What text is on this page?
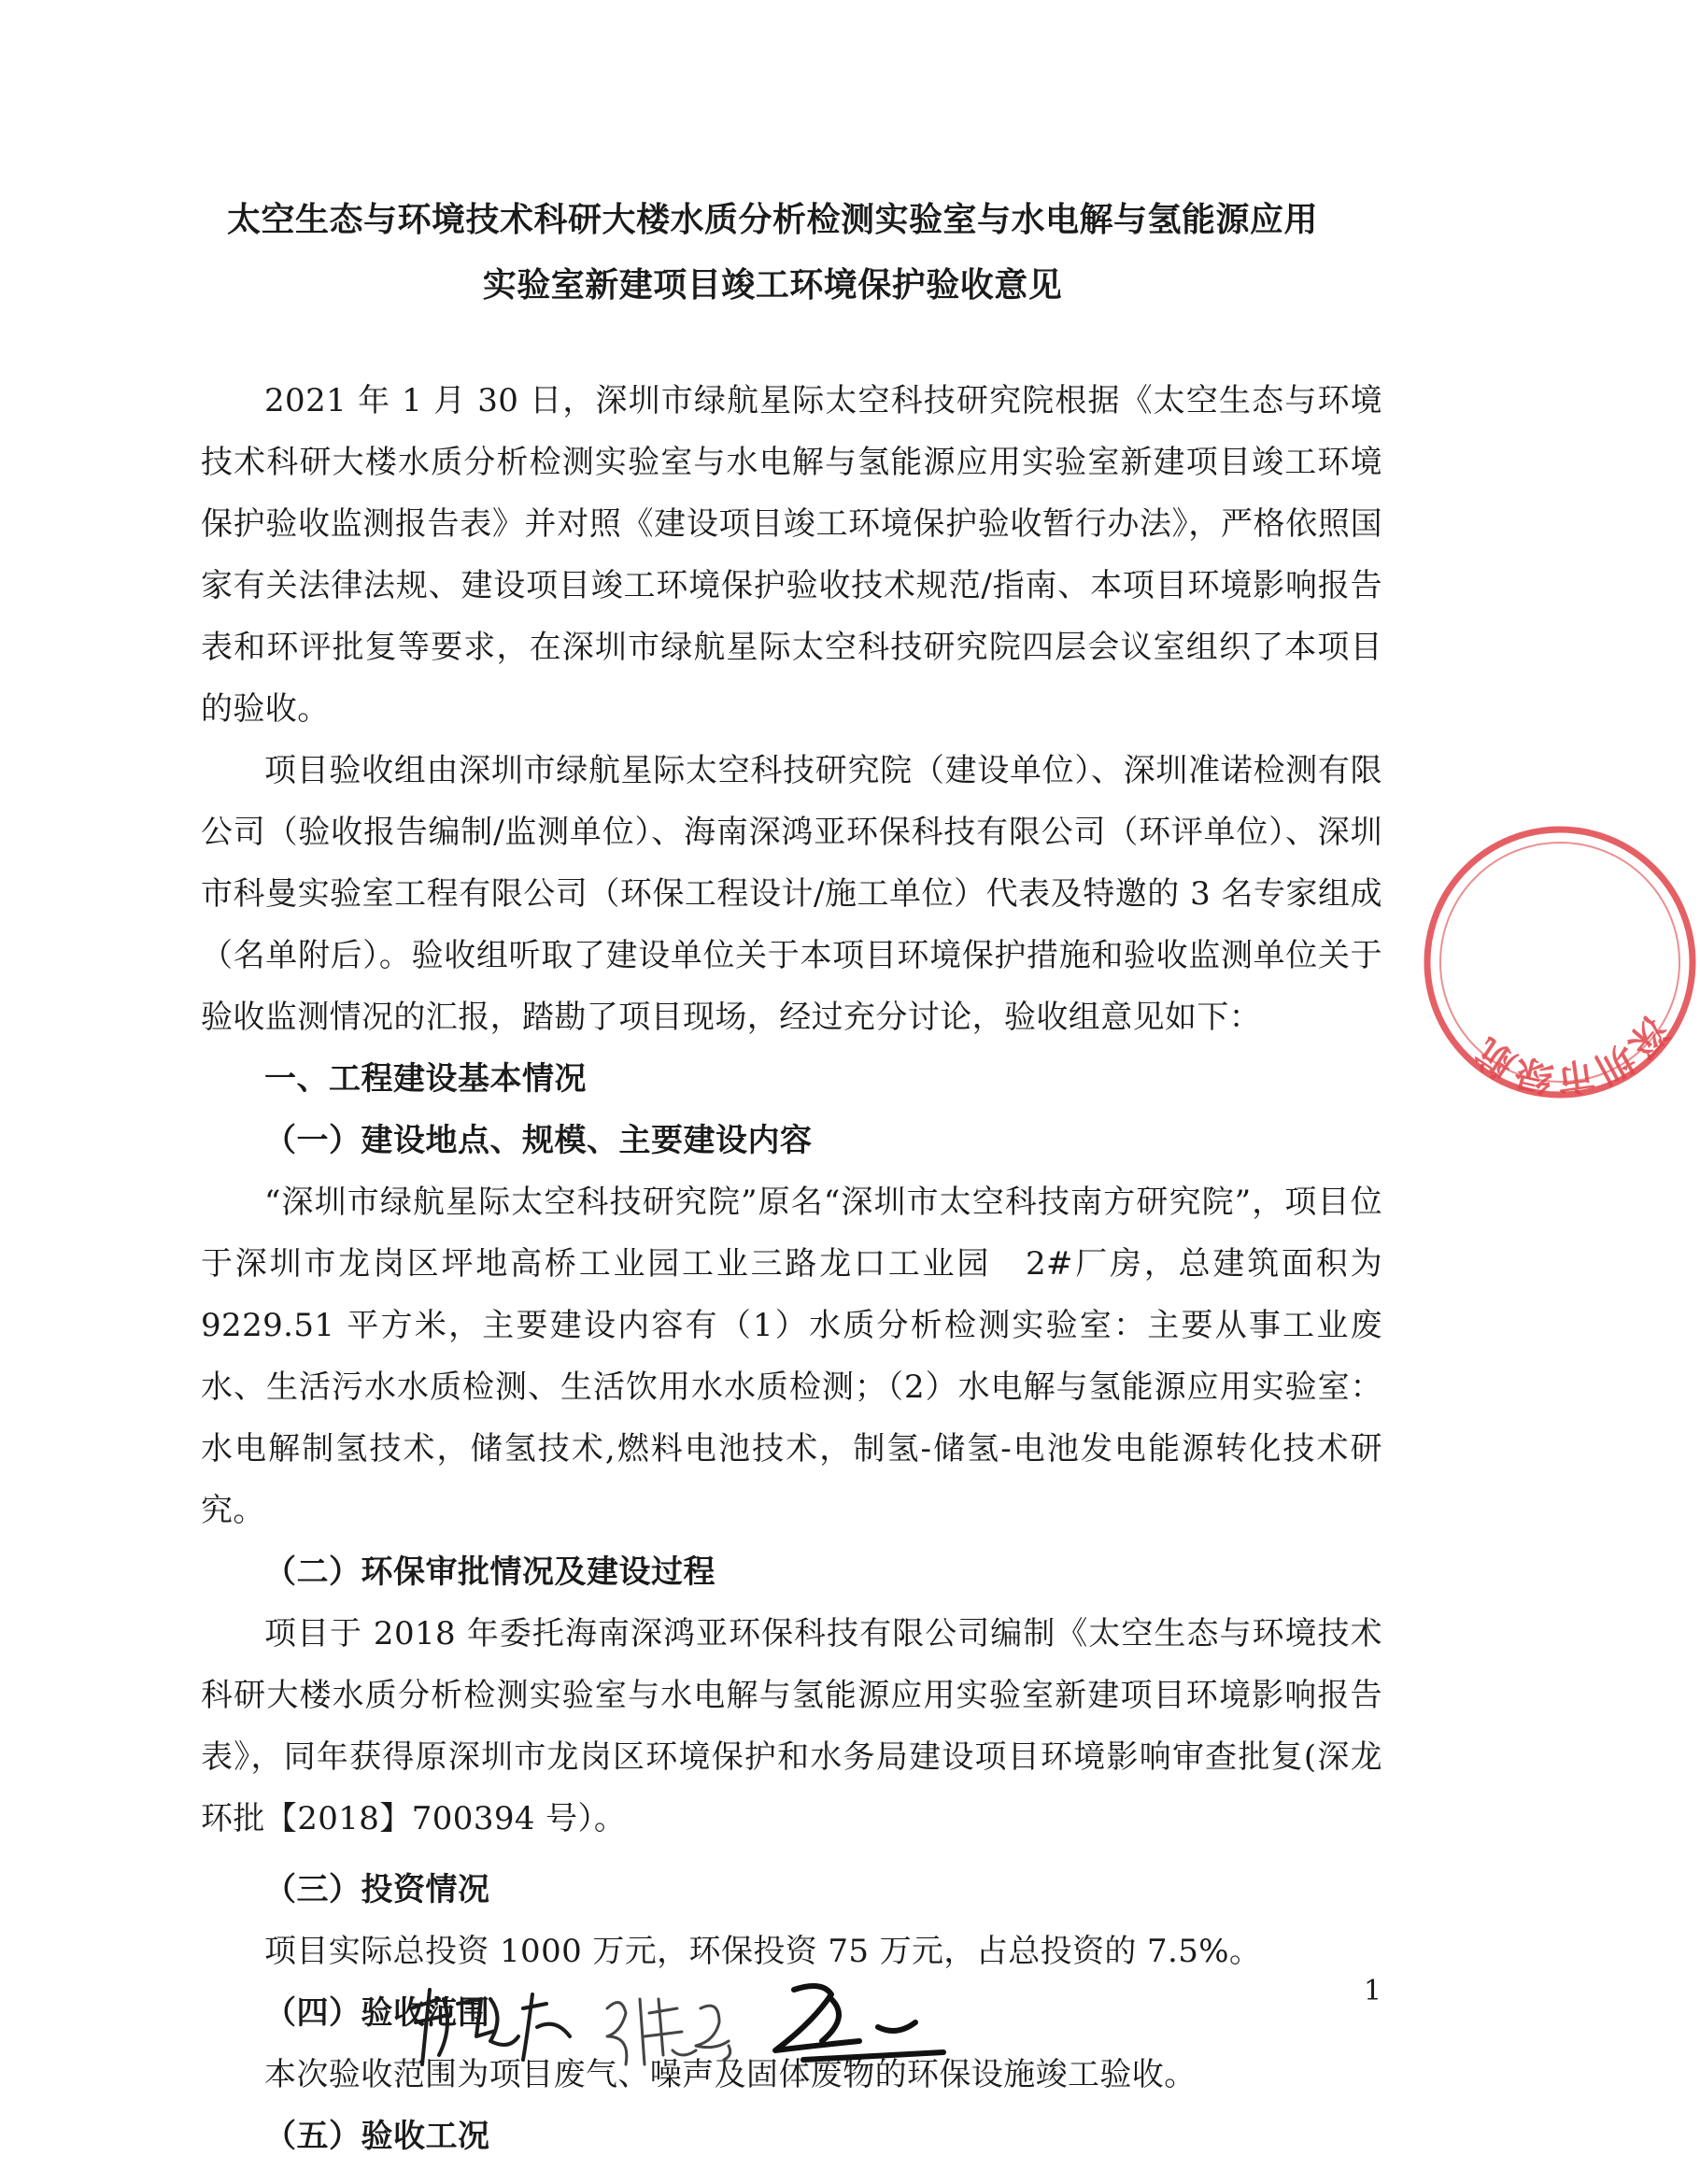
太空生态与环境技术科研大楼水质分析检测实验室与水电解与氢能源应用
实验室新建项目竣工环境保护验收意见

2021 年 1 月 30 日，深圳市绿航星际太空科技研究院根据《太空生态与环境技术科研大楼水质分析检测实验室与水电解与氢能源应用实验室新建项目竣工环境保护验收监测报告表》并对照《建设项目竣工环境保护验收暂行办法》，严格依照国家有关法律法规、建设项目竣工环境保护验收技术规范/指南、本项目环境影响报告表和环评批复等要求，在深圳市绿航星际太空科技研究院四层会议室组织了本项目的验收。

项目验收组由深圳市绿航星际太空科技研究院（建设单位）、深圳准诺检测有限公司（验收报告编制/监测单位）、海南深鸿亚环保科技有限公司（环评单位）、深圳市科曼实验室工程有限公司（环保工程设计/施工单位）代表及特邀的 3 名专家组成（名单附后）。验收组听取了建设单位关于本项目环境保护措施和验收监测单位关于验收监测情况的汇报，踏勘了项目现场，经过充分讨论，验收组意见如下：

一、工程建设基本情况
（一）建设地点、规模、主要建设内容

“深圳市绿航星际太空科技研究院”原名“深圳市太空科技南方研究院”，项目位于深圳市龙岗区坪地高桥工业园工业三路龙口工业园　2#厂房，总建筑面积为 9229.51 平方米，主要建设内容有（1）水质分析检测实验室：主要从事工业废水、生活污水水质检测、生活饮用水水质检测；（2）水电解与氢能源应用实验室：水电解制氢技术，储氢技术,燃料电池技术，制氢-储氢-电池发电能源转化技术研究。

（二）环保审批情况及建设过程

项目于 2018 年委托海南深鸿亚环保科技有限公司编制《太空生态与环境技术科研大楼水质分析检测实验室与水电解与氢能源应用实验室新建项目环境影响报告表》，同年获得原深圳市龙岗区环境保护和水务局建设项目环境影响审查批复(深龙环批【2018】700394 号）。

（三）投资情况

项目实际总投资 1000 万元，环保投资 75 万元，占总投资的 7.5%。

（四）验收范围

本次验收范围为项目废气、噪声及固体废物的环保设施竣工验收。

（五）验收工况
深圳市绿航
1
